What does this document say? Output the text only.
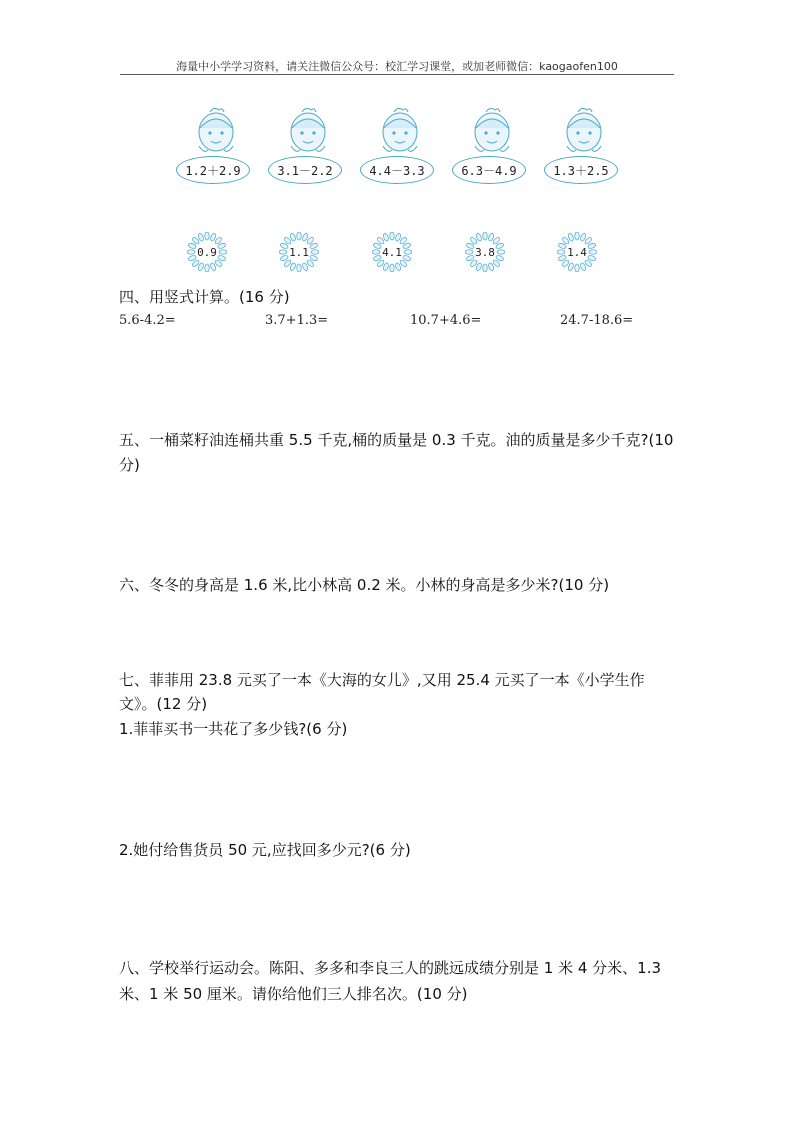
海量中小学学习资料，请关注微信公众号：校汇学习课堂，或加老师微信：kaogaofen100
1.2＋2.9	3.1－2.2	4.4－3.3	6.3－4.9	1.3＋2.5
0.9	1.1	4.1	3.8	1.4
四、用竖式计算。(16 分)
5.6-4.2=	3.7+1.3=	10.7+4.6=	24.7-18.6=
五、一桶菜籽油连桶共重 5.5 千克,桶的质量是 0.3 千克。油的质量是多少千克?(10
分)
六、冬冬的身高是 1.6 米,比小林高 0.2 米。小林的身高是多少米?(10 分)
七、菲菲用 23.8 元买了一本《大海的女儿》,又用 25.4 元买了一本《小学生作
文》。(12 分)
1.菲菲买书一共花了多少钱?(6 分)
2.她付给售货员 50 元,应找回多少元?(6 分)
八、学校举行运动会。陈阳、多多和李良三人的跳远成绩分别是 1 米 4 分米、1.3
米、1 米 50 厘米。请你给他们三人排名次。(10 分)
